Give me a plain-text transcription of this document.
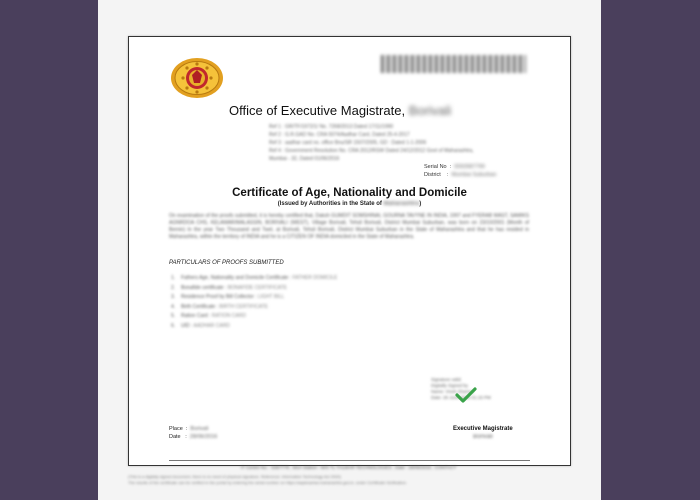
Office of Executive Magistrate, Borivali
Ref 1 : GR/TF/1972/1/ No. 7268/2013 Dated 17/11/1990
Ref 2 : G.R.GAD No. CRA 5074/Aadhar Card, Dated 25-4-2017
Ref 3 : aadhar card no. office Bnu/SR 1507/2005, GD : Dated 1-1-2006
Ref 4 : Government Resolution No. CRA 2012/RSW Dated 24/12/2012 Govt of Maharashtra,
Mumbai - 32, Dated 01/06/2016
Serial No  :  6592687799
District    :  Mumbai Suburban
Certificate of Age, Nationality and Domicile
(Issued by Authorities in the State of Maharashtra)
On examination of the proofs submitted, it is hereby certified that, Daksh GUMDIT SOMSHINAI, GOURNA TAVYNE IN INDIA, 1997 and FYERAB WAST, SAMIKS AGNRDOA CHS, KELAWAR/MALASSIN, BORIVALI (WEST), Village Borivali, Tehsil Borivali, District Mumbai Suburban, was born on 23/10/2001 (Month of Bernin) In the year Two Thousand and Twel, at Borivali, Tehsil Borivali, District Mumbai Suburban in the State of Maharashtra and that he has resided in Maharashtra, within the territory of INDIA and he is a CITIZEN OF INDIA domiciled in the State of Maharashtra.
PARTICULARS OF PROOFS SUBMITTED
1. Fathers Age, Nationality and Domicile Certificate : FATHER DOMICILE
2. Bonafide certificate : BONAFIDE CERTIFICATE
3. Residence Proof by Bill Collector : LIGHT BILL
4. Birth Certificate : BIRTH CERTIFICATE
5. Ration Card : RATION CARD
6. UID : AADHAR CARD
Signature valid
Digitally Signed by
Name: Vivek Sharma
Date: 28 June 2016 01:15 PM
Place  :  Borivali
Date   :  28/06/2016
Executive Magistrate
Borivali
IT Centre No. : 5367778 , MoA Station : M/S TL-TALWAR TECHNOLOGIES , Date : 28/06/2016 , CONTACT
(This is a digitally signed document, there is no need of physical signature. Reference: Information Technology Act 2000)
The results of the certificate can be verified in the portal by entering the serial number on https://aaplesarkar.maharashtra.gov.in, under Certificate Verification.
